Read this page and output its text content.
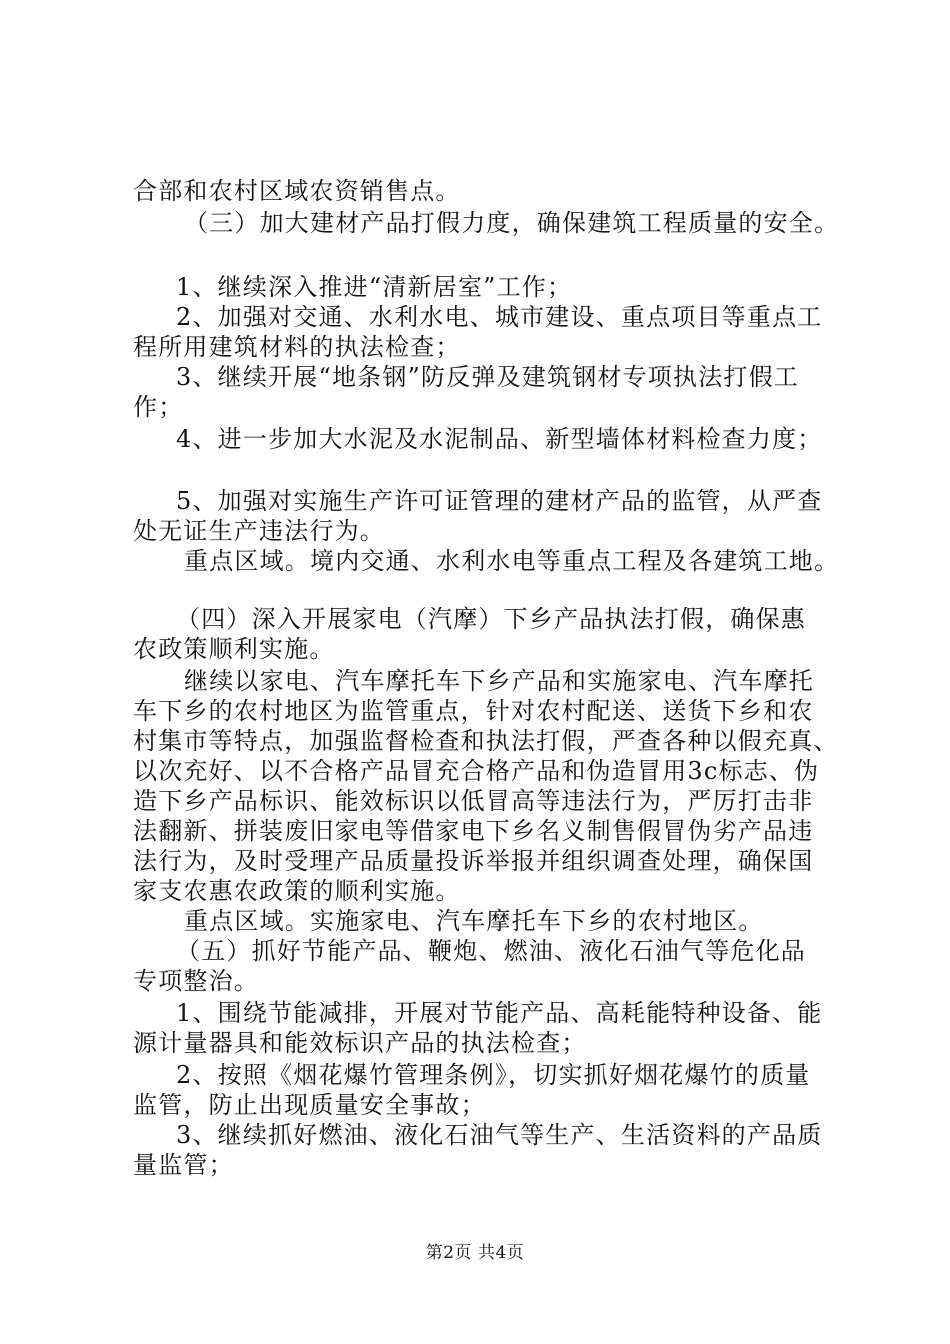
合部和农村区域农资销售点。
（三）加大建材产品打假力度，确保建筑工程质量的安全。
1、继续深入推进“清新居室”工作；
2、加强对交通、水利水电、城市建设、重点项目等重点工
程所用建筑材料的执法检查；
3、继续开展“地条钢”防反弹及建筑钢材专项执法打假工
作；
4、进一步加大水泥及水泥制品、新型墙体材料检查力度；
5、加强对实施生产许可证管理的建材产品的监管，从严查
处无证生产违法行为。
重点区域。境内交通、水利水电等重点工程及各建筑工地。
（四）深入开展家电（汽摩）下乡产品执法打假，确保惠
农政策顺利实施。
继续以家电、汽车摩托车下乡产品和实施家电、汽车摩托
车下乡的农村地区为监管重点，针对农村配送、送货下乡和农
村集市等特点，加强监督检查和执法打假，严查各种以假充真、
以次充好、以不合格产品冒充合格产品和伪造冒用3c标志、伪
造下乡产品标识、能效标识以低冒高等违法行为，严厉打击非
法翻新、拼装废旧家电等借家电下乡名义制售假冒伪劣产品违
法行为，及时受理产品质量投诉举报并组织调查处理，确保国
家支农惠农政策的顺利实施。
重点区域。实施家电、汽车摩托车下乡的农村地区。
（五）抓好节能产品、鞭炮、燃油、液化石油气等危化品
专项整治。
1、围绕节能减排，开展对节能产品、高耗能特种设备、能
源计量器具和能效标识产品的执法检查；
2、按照《烟花爆竹管理条例》，切实抓好烟花爆竹的质量
监管，防止出现质量安全事故；
3、继续抓好燃油、液化石油气等生产、生活资料的产品质
量监管；
第2页 共4页
